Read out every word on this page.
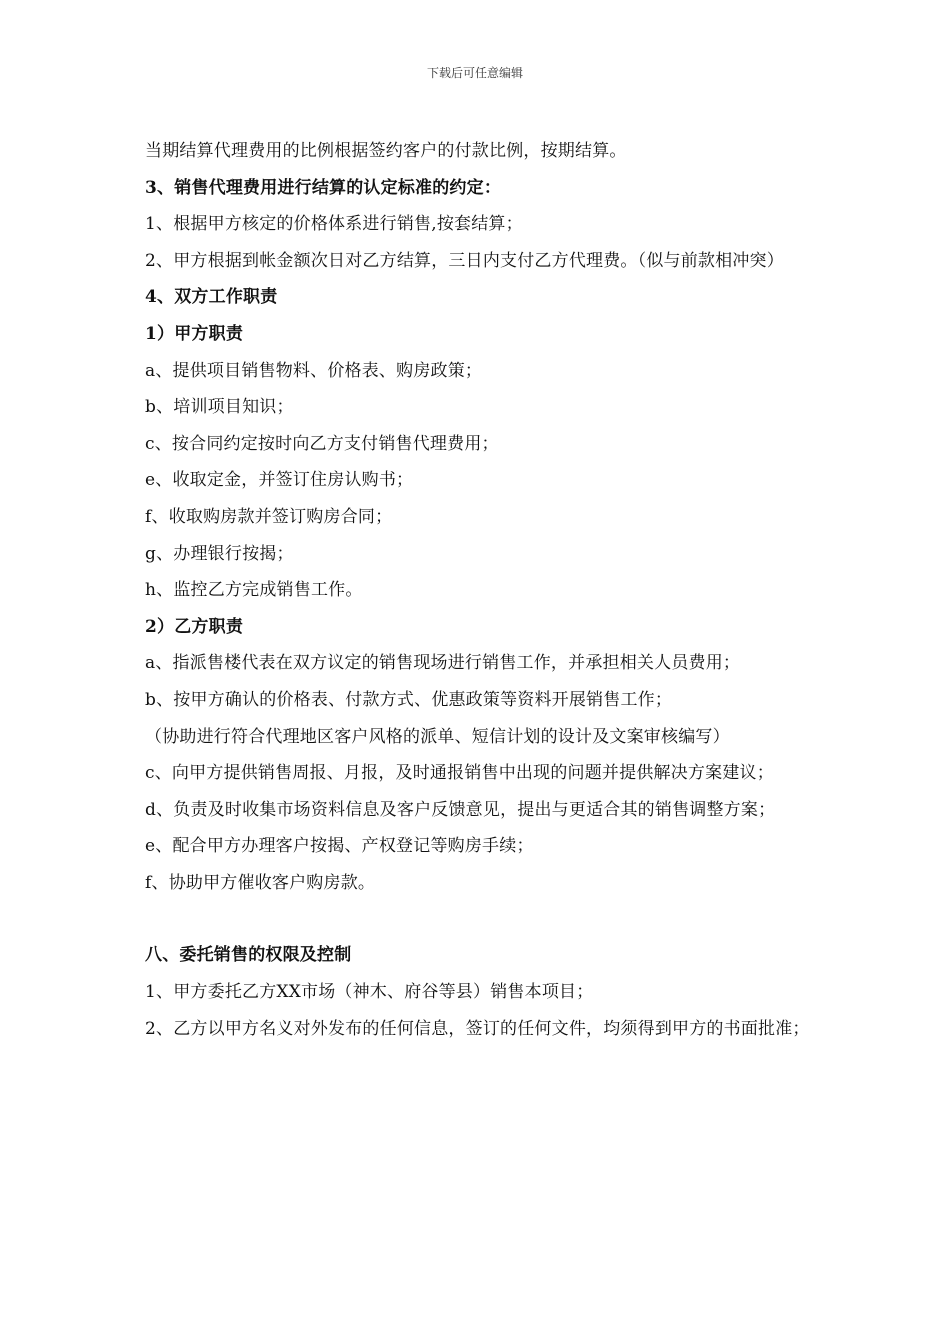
下载后可任意编辑
当期结算代理费用的比例根据签约客户的付款比例，按期结算。
3、销售代理费用进行结算的认定标准的约定：
1、根据甲方核定的价格体系进行销售,按套结算；
2、甲方根据到帐金额次日对乙方结算，三日内支付乙方代理费。（似与前款相冲突）
4、双方工作职责
1）甲方职责
a、提供项目销售物料、价格表、购房政策；
b、培训项目知识；
c、按合同约定按时向乙方支付销售代理费用；
e、收取定金，并签订住房认购书；
f、收取购房款并签订购房合同；
g、办理银行按揭；
h、监控乙方完成销售工作。
2）乙方职责
a、指派售楼代表在双方议定的销售现场进行销售工作，并承担相关人员费用；
b、按甲方确认的价格表、付款方式、优惠政策等资料开展销售工作；
（协助进行符合代理地区客户风格的派单、短信计划的设计及文案审核编写）
c、向甲方提供销售周报、月报，及时通报销售中出现的问题并提供解决方案建议；
d、负责及时收集市场资料信息及客户反馈意见，提出与更适合其的销售调整方案；
e、配合甲方办理客户按揭、产权登记等购房手续；
f、协助甲方催收客户购房款。
八、委托销售的权限及控制
1、甲方委托乙方XX市场（神木、府谷等县）销售本项目；
2、乙方以甲方名义对外发布的任何信息，签订的任何文件，均须得到甲方的书面批准；
